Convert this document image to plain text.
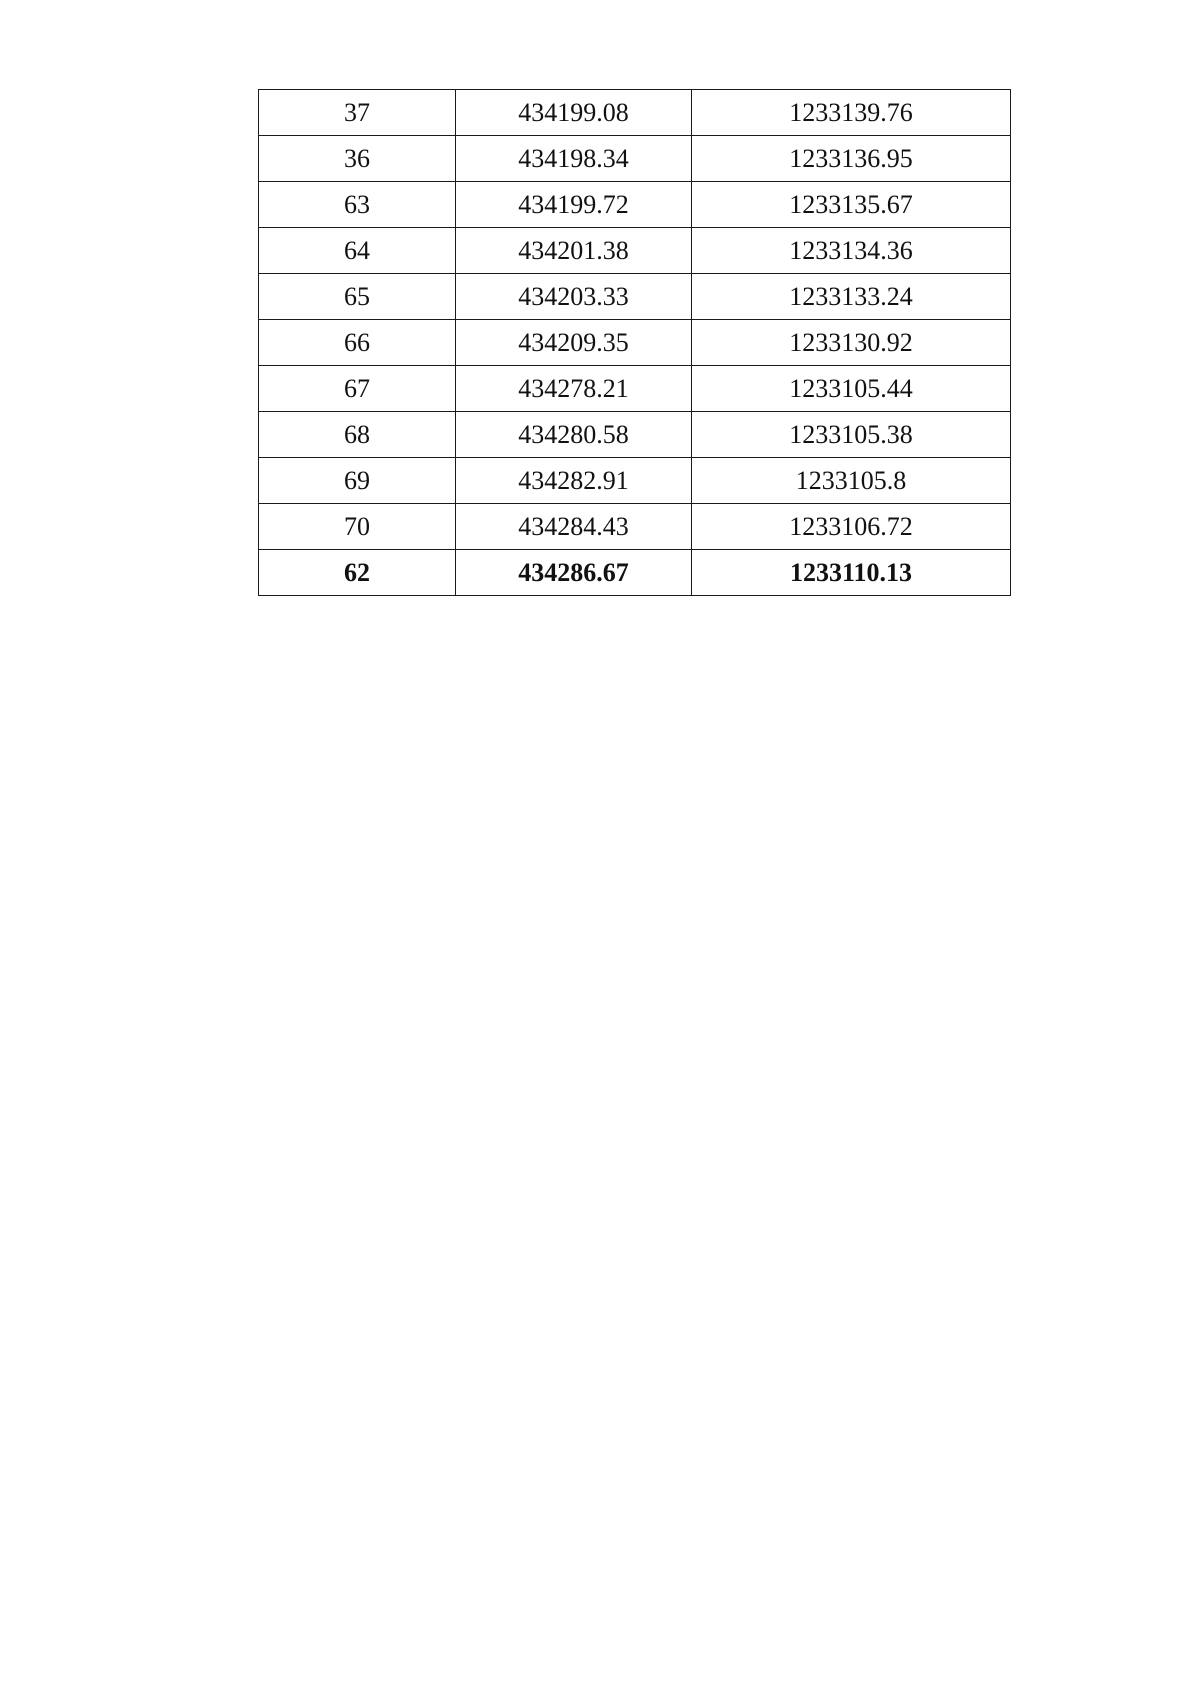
37	434199.08	1233139.76
36	434198.34	1233136.95
63	434199.72	1233135.67
64	434201.38	1233134.36
65	434203.33	1233133.24
66	434209.35	1233130.92
67	434278.21	1233105.44
68	434280.58	1233105.38
69	434282.91	1233105.8
70	434284.43	1233106.72
62	434286.67	1233110.13
